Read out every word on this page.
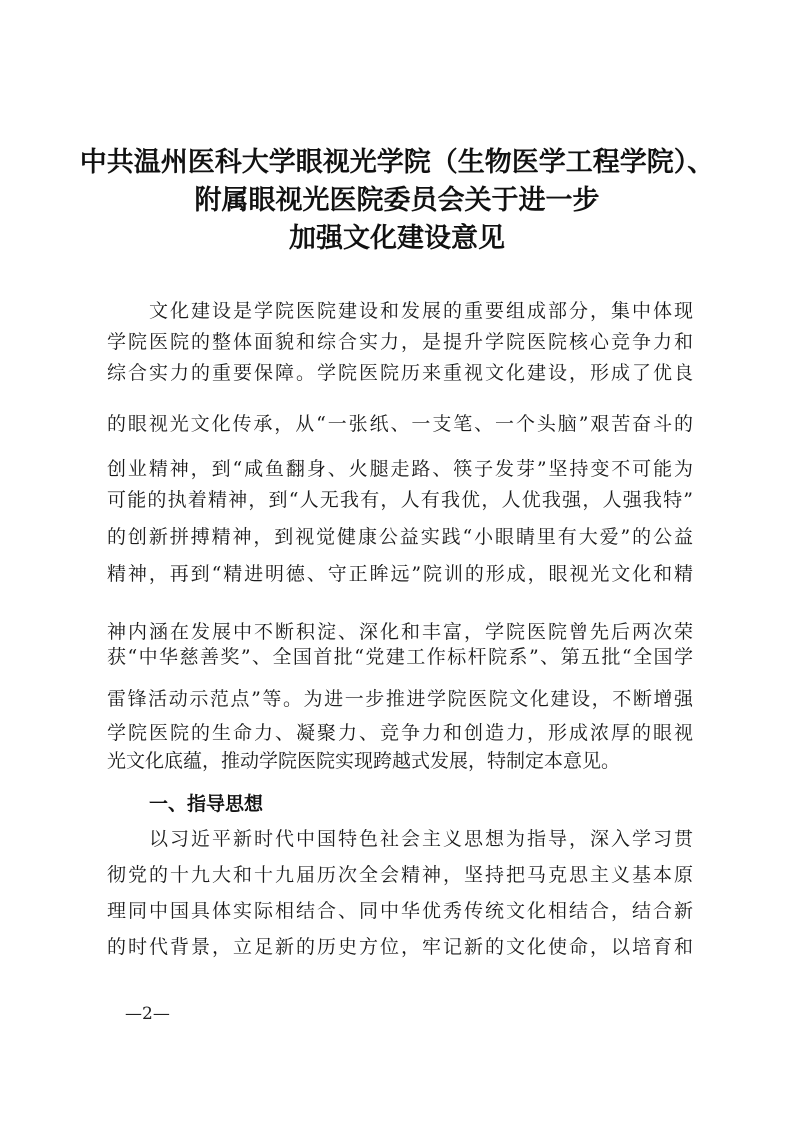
中共温州医科大学眼视光学院（生物医学工程学院）、
附属眼视光医院委员会关于进一步
加强文化建设意见
文化建设是学院医院建设和发展的重要组成部分，集中体现
学院医院的整体面貌和综合实力，是提升学院医院核心竞争力和
综合实力的重要保障。学院医院历来重视文化建设，形成了优良
的眼视光文化传承，从“一张纸、一支笔、一个头脑”艰苦奋斗的
创业精神，到“咸鱼翻身、火腿走路、筷子发芽”坚持变不可能为
可能的执着精神，到“人无我有，人有我优，人优我强，人强我特”
的创新拼搏精神，到视觉健康公益实践“小眼睛里有大爱”的公益
精神，再到“精进明德、守正眸远”院训的形成，眼视光文化和精
神内涵在发展中不断积淀、深化和丰富，学院医院曾先后两次荣
获“中华慈善奖”、全国首批“党建工作标杆院系”、第五批“全国学
雷锋活动示范点”等。为进一步推进学院医院文化建设，不断增强
学院医院的生命力、凝聚力、竞争力和创造力，形成浓厚的眼视
光文化底蕴，推动学院医院实现跨越式发展，特制定本意见。
一、指导思想
以习近平新时代中国特色社会主义思想为指导，深入学习贯
彻党的十九大和十九届历次全会精神，坚持把马克思主义基本原
理同中国具体实际相结合、同中华优秀传统文化相结合，结合新
的时代背景，立足新的历史方位，牢记新的文化使命，以培育和
—2—
